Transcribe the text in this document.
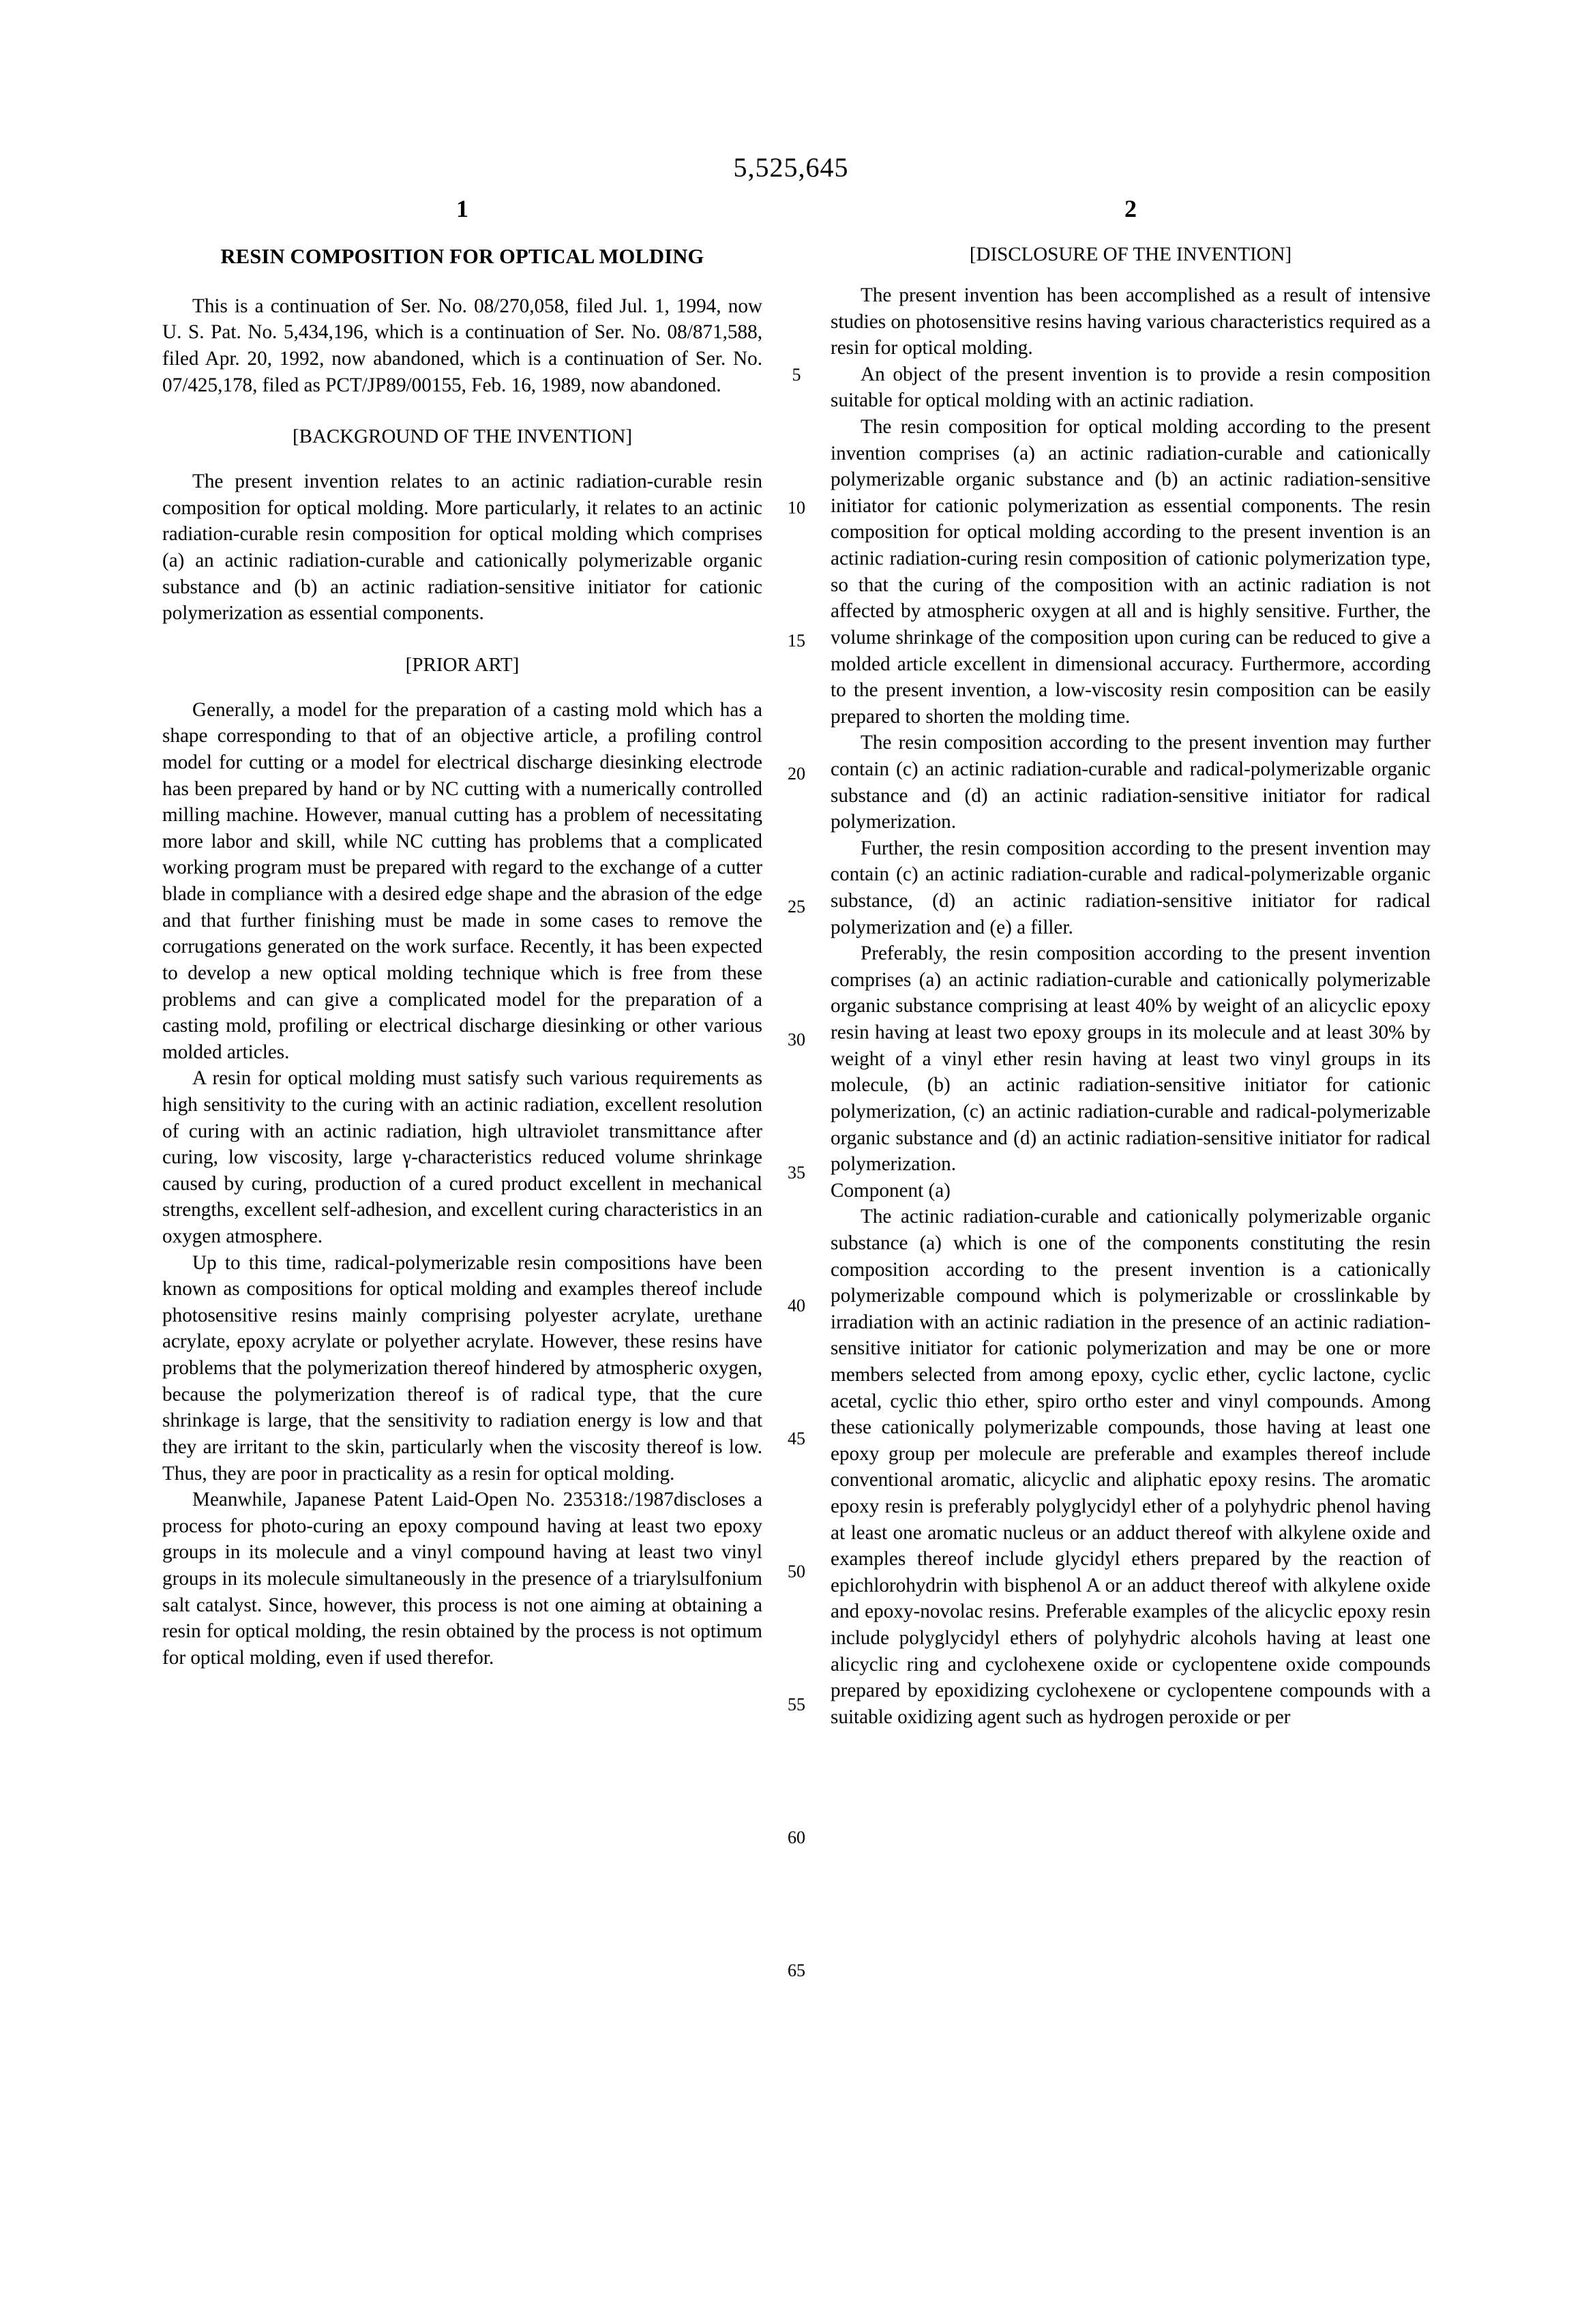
5,525,645
1
RESIN COMPOSITION FOR OPTICAL MOLDING

This is a continuation of Ser. No. 08/270,058, filed Jul. 1, 1994, now U. S. Pat. No. 5,434,196, which is a continuation of Ser. No. 08/871,588, filed Apr. 20, 1992, now abandoned, which is a continuation of Ser. No. 07/425,178, filed as PCT/JP89/00155, Feb. 16, 1989, now abandoned.

[BACKGROUND OF THE INVENTION]

The present invention relates to an actinic radiation-curable resin composition for optical molding. More particularly, it relates to an actinic radiation-curable resin composition for optical molding which comprises (a) an actinic radiation-curable and cationically polymerizable organic substance and (b) an actinic radiation-sensitive initiator for cationic polymerization as essential components.

[PRIOR ART]

Generally, a model for the preparation of a casting mold which has a shape corresponding to that of an objective article, a profiling control model for cutting or a model for electrical discharge diesinking electrode has been prepared by hand or by NC cutting with a numerically controlled milling machine. However, manual cutting has a problem of necessitating more labor and skill, while NC cutting has problems that a complicated working program must be prepared with regard to the exchange of a cutter blade in compliance with a desired edge shape and the abrasion of the edge and that further finishing must be made in some cases to remove the corrugations generated on the work surface. Recently, it has been expected to develop a new optical molding technique which is free from these problems and can give a complicated model for the preparation of a casting mold, profiling or electrical discharge diesinking or other various molded articles.

A resin for optical molding must satisfy such various requirements as high sensitivity to the curing with an actinic radiation, excellent resolution of curing with an actinic radiation, high ultraviolet transmittance after curing, low viscosity, large γ-characteristics reduced volume shrinkage caused by curing, production of a cured product excellent in mechanical strengths, excellent self-adhesion, and excellent curing characteristics in an oxygen atmosphere.

Up to this time, radical-polymerizable resin compositions have been known as compositions for optical molding and examples thereof include photosensitive resins mainly comprising polyester acrylate, urethane acrylate, epoxy acrylate or polyether acrylate. However, these resins have problems that the polymerization thereof hindered by atmospheric oxygen, because the polymerization thereof is of radical type, that the cure shrinkage is large, that the sensitivity to radiation energy is low and that they are irritant to the skin, particularly when the viscosity thereof is low. Thus, they are poor in practicality as a resin for optical molding.

Meanwhile, Japanese Patent Laid-Open No. 235318:/1987discloses a process for photo-curing an epoxy compound having at least two epoxy groups in its molecule and a vinyl compound having at least two vinyl groups in its molecule simultaneously in the presence of a triarylsulfonium salt catalyst. Since, however, this process is not one aiming at obtaining a resin for optical molding, the resin obtained by the process is not optimum for optical molding, even if used therefor.

5
10
15
20
25
30
35
40
45
50
55
60
65
2
[DISCLOSURE OF THE INVENTION]

The present invention has been accomplished as a result of intensive studies on photosensitive resins having various characteristics required as a resin for optical molding.

An object of the present invention is to provide a resin composition suitable for optical molding with an actinic radiation.

The resin composition for optical molding according to the present invention comprises (a) an actinic radiation-curable and cationically polymerizable organic substance and (b) an actinic radiation-sensitive initiator for cationic polymerization as essential components. The resin composition for optical molding according to the present invention is an actinic radiation-curing resin composition of cationic polymerization type, so that the curing of the composition with an actinic radiation is not affected by atmospheric oxygen at all and is highly sensitive. Further, the volume shrinkage of the composition upon curing can be reduced to give a molded article excellent in dimensional accuracy. Furthermore, according to the present invention, a low-viscosity resin composition can be easily prepared to shorten the molding time.

The resin composition according to the present invention may further contain (c) an actinic radiation-curable and radical-polymerizable organic substance and (d) an actinic radiation-sensitive initiator for radical polymerization.

Further, the resin composition according to the present invention may contain (c) an actinic radiation-curable and radical-polymerizable organic substance, (d) an actinic radiation-sensitive initiator for radical polymerization and (e) a filler.

Preferably, the resin composition according to the present invention comprises (a) an actinic radiation-curable and cationically polymerizable organic substance comprising at least 40% by weight of an alicyclic epoxy resin having at least two epoxy groups in its molecule and at least 30% by weight of a vinyl ether resin having at least two vinyl groups in its molecule, (b) an actinic radiation-sensitive initiator for cationic polymerization, (c) an actinic radiation-curable and radical-polymerizable organic substance and (d) an actinic radiation-sensitive initiator for radical polymerization.

Component (a)

The actinic radiation-curable and cationically polymerizable organic substance (a) which is one of the components constituting the resin composition according to the present invention is a cationically polymerizable compound which is polymerizable or crosslinkable by irradiation with an actinic radiation in the presence of an actinic radiation-sensitive initiator for cationic polymerization and may be one or more members selected from among epoxy, cyclic ether, cyclic lactone, cyclic acetal, cyclic thio ether, spiro ortho ester and vinyl compounds. Among these cationically polymerizable compounds, those having at least one epoxy group per molecule are preferable and examples thereof include conventional aromatic, alicyclic and aliphatic epoxy resins. The aromatic epoxy resin is preferably polyglycidyl ether of a polyhydric phenol having at least one aromatic nucleus or an adduct thereof with alkylene oxide and examples thereof include glycidyl ethers prepared by the reaction of epichlorohydrin with bisphenol A or an adduct thereof with alkylene oxide and epoxy-novolac resins. Preferable examples of the alicyclic epoxy resin include polyglycidyl ethers of polyhydric alcohols having at least one alicyclic ring and cyclohexene oxide or cyclopentene oxide compounds prepared by epoxidizing cyclohexene or cyclopentene compounds with a suitable oxidizing agent such as hydrogen peroxide or per
